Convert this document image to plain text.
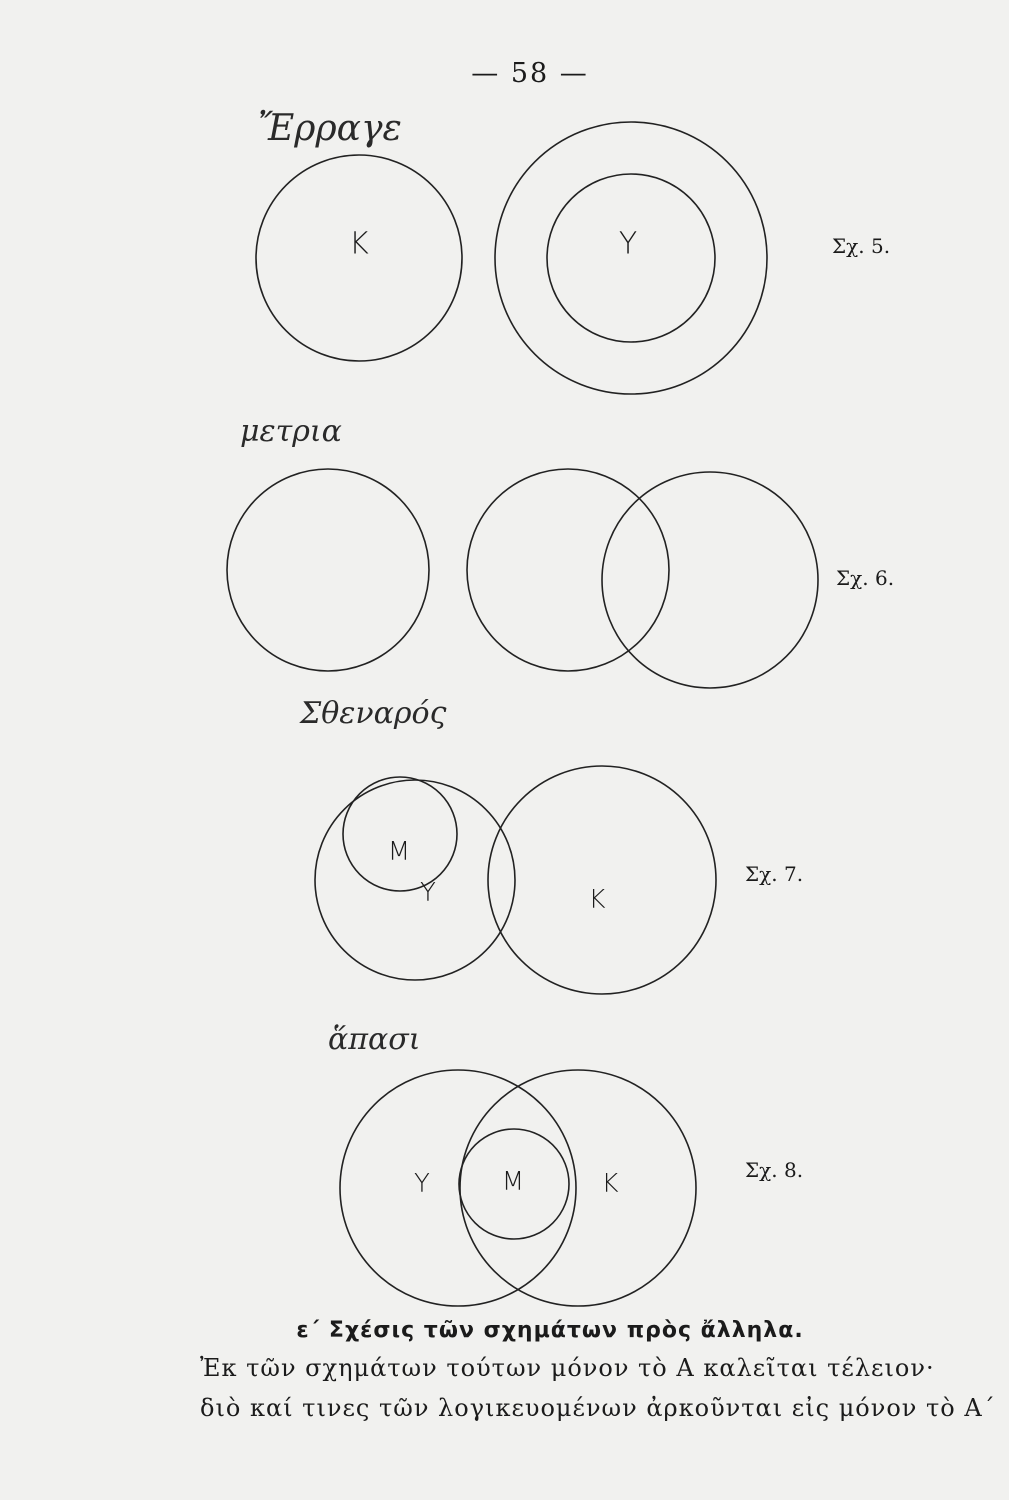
— 58 —
Ἔρραγε
μετρια
Σθεναρός
ἅπασι
Κ	Υ
Μ
Υ	Κ
Υ	Μ	Κ
Σχ. 5.
Σχ. 6.
Σχ. 7.
Σχ. 8.
ε΄ Σχέσις τῶν σχημάτων πρὸς ἄλληλα.
Ἐκ τῶν σχημάτων τούτων μόνον τὸ Α καλεῖται τέλειον·
διὸ καί τινες τῶν λογικευομένων ἀρκοῦνται εἰς μόνον τὸ Α΄
